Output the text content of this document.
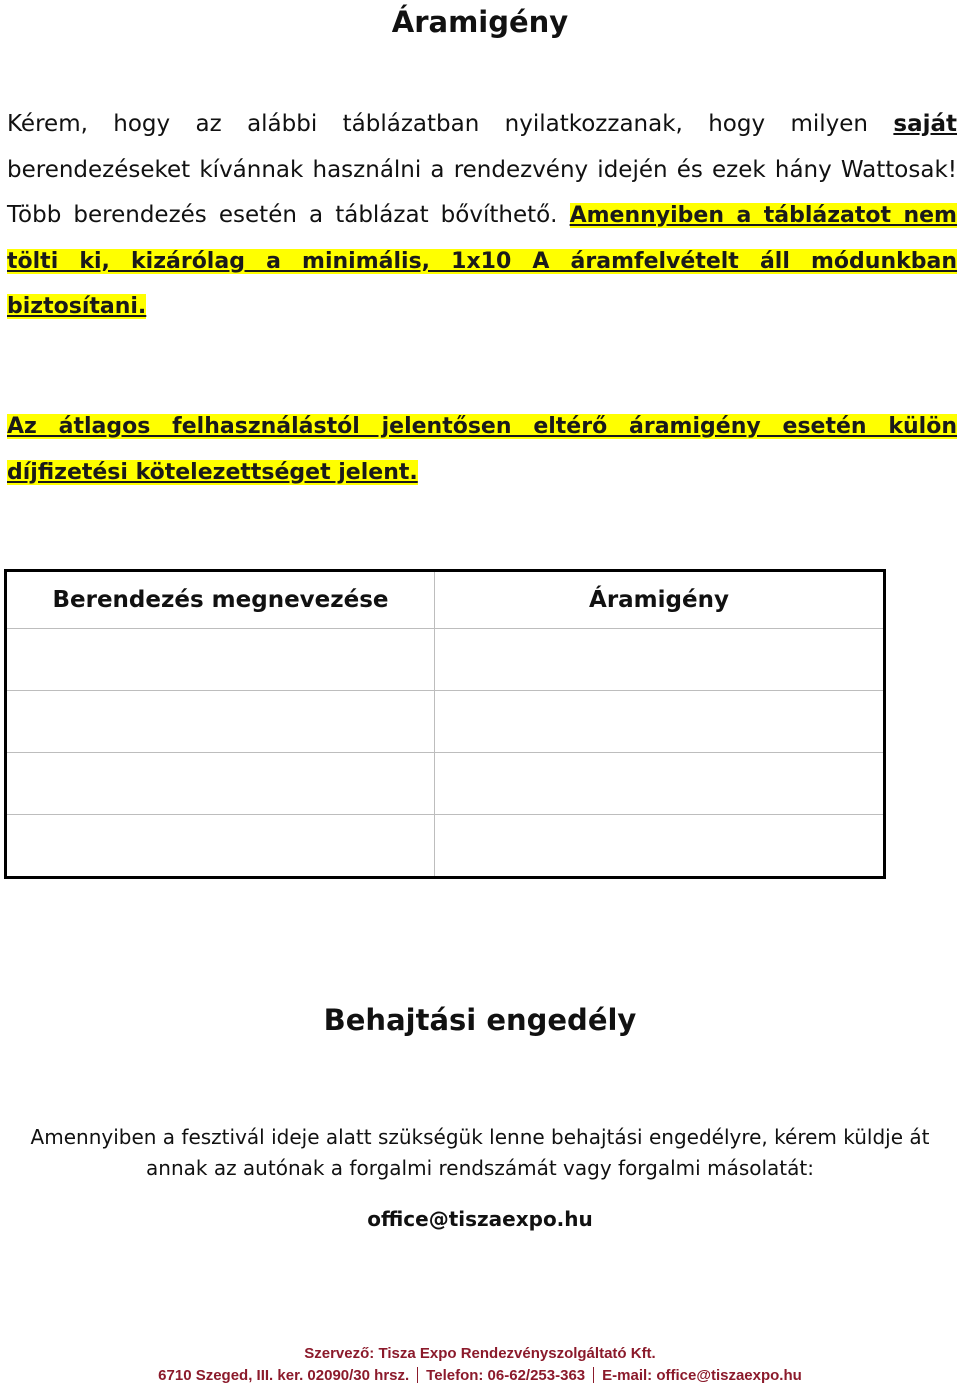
Áramigény

Kérem, hogy az alábbi táblázatban nyilatkozzanak, hogy milyen saját berendezéseket kívánnak használni a rendezvény idején és ezek hány Wattosak! Több berendezés esetén a táblázat bővíthető. Amennyiben a táblázatot nem tölti ki, kizárólag a minimális, 1x10 A áramfelvételt áll módunkban biztosítani.

Az átlagos felhasználástól jelentősen eltérő áramigény esetén külön díjfizetési kötelezettséget jelent.

Berendezés megnevezése	Áramigény

Behajtási engedély

Amennyiben a fesztivál ideje alatt szükségük lenne behajtási engedélyre, kérem küldje át annak az autónak a forgalmi rendszámát vagy forgalmi másolatát:

office@tiszaexpo.hu
Szervező: Tisza Expo Rendezvényszolgáltató Kft.
6710 Szeged, III. ker. 02090/30 hrsz. Telefon: 06-62/253-363 E-mail: office@tiszaexpo.hu
